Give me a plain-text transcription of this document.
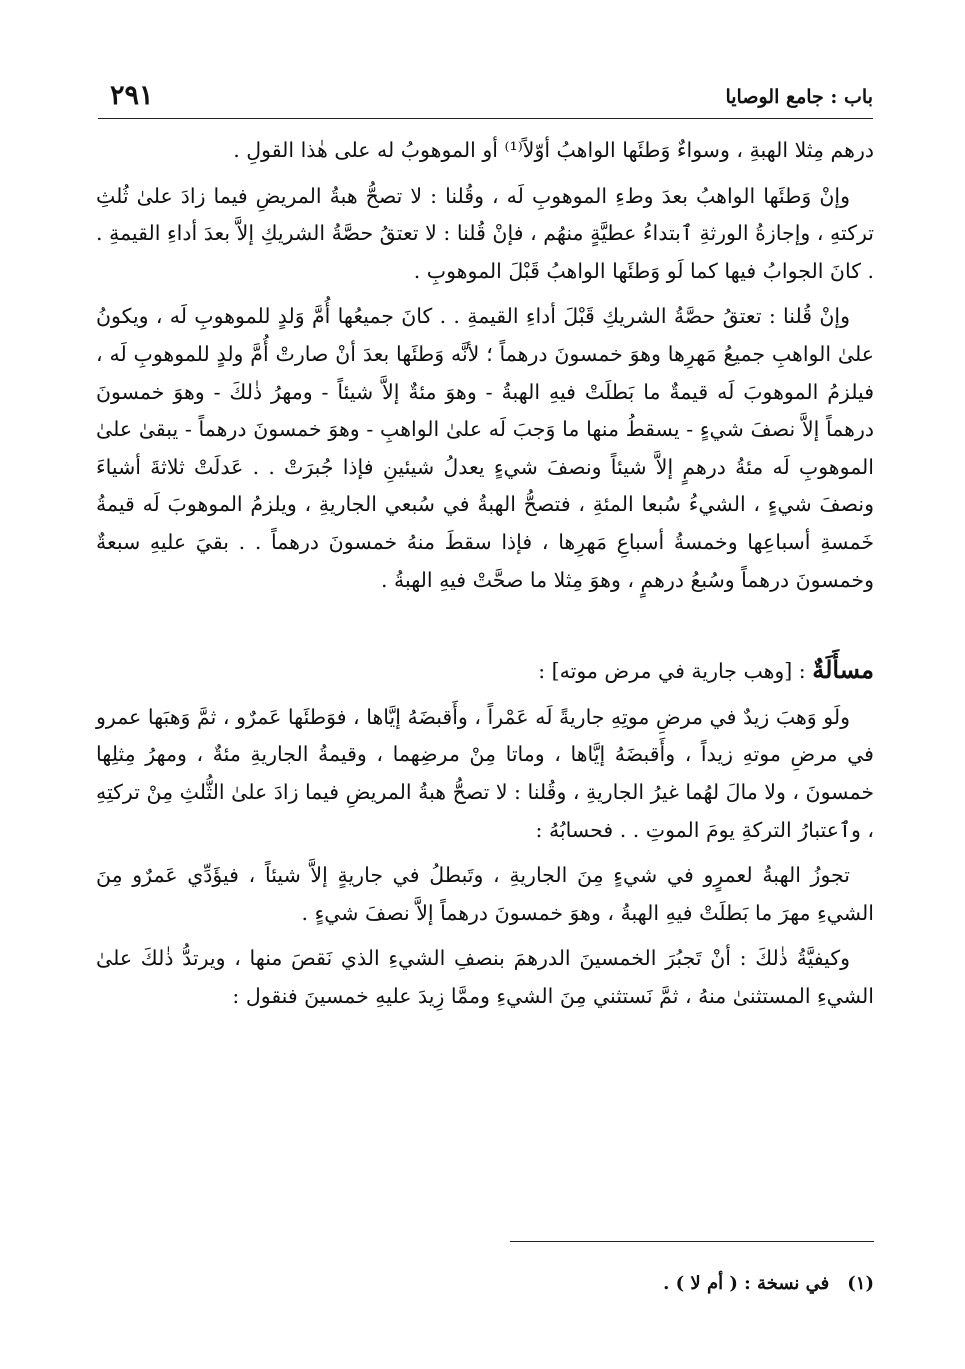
باب : جامع الوصايا
٢٩١

درهم مِثلا الهبةِ ، وسواءٌ وَطئَها الواهبُ أوّلاً⁽¹⁾ أو الموهوبُ له على هٰذا القولِ .

وإنْ وَطئَها الواهبُ بعدَ وطءِ الموهوبِ لَه ، وقُلنا : لا تصحُّ هبةُ المريضِ فيما زادَ علىٰ ثُلثِ تركتهِ ، وإجازةُ الورثةِ ٱبتداءُ عطيَّةٍ منهُم ، فإنْ قُلنا : لا تعتقُ حصَّةُ الشريكِ إلاَّ بعدَ أداءِ القيمةِ . . كانَ الجوابُ فيها كما لَو وَطئَها الواهبُ قَبْلَ الموهوبِ .

وإنْ قُلنا : تعتقُ حصَّةُ الشريكِ قَبْلَ أداءِ القيمةِ . . كانَ جميعُها أُمَّ وَلدٍ للموهوبِ لَه ، ويكونُ علىٰ الواهبِ جميعُ مَهرِها وهوَ خمسونَ درهماً ؛ لأنَّه وَطئَها بعدَ أنْ صارتْ أُمَّ ولدٍ للموهوبِ لَه ، فيلزمُ الموهوبَ لَه قيمةٌ ما بَطلَتْ فيهِ الهبةُ - وهوَ مئةٌ إلاَّ شيئاً - ومهرُ ذٰلكَ - وهوَ خمسونَ درهماً إلاَّ نصفَ شيءٍ - يسقطُ منها ما وَجبَ لَه علىٰ الواهبِ - وهوَ خمسونَ درهماً - يبقىٰ علىٰ الموهوبِ لَه مئةُ درهمٍ إلاَّ شيئاً ونصفَ شيءٍ يعدلُ شيئينِ فإذا جُبرَتْ . . عَدلَتْ ثلاثةَ أشياءَ ونصفَ شيءٍ ، الشيءُ سُبعا المئةِ ، فتصحُّ الهبةُ في سُبعي الجاريةِ ، ويلزمُ الموهوبَ لَه قيمةُ خَمسةِ أسباعِها وخمسةُ أسباعِ مَهرِها ، فإذا سقطَ منهُ خمسونَ درهماً . . بقيَ عليهِ سبعةٌ وخمسونَ درهماً وسُبعُ درهمٍ ، وهوَ مِثلا ما صحَّتْ فيهِ الهبةُ .

مسأَلَةٌ : [وهب جارية في مرض موته] :

ولَو وَهبَ زيدٌ في مرضِ موتِهِ جاريةً لَه عَمْراً ، وأَقبضَهُ إيَّاها ، فوَطئَها عَمرٌو ، ثمَّ وَهبَها عمرو في مرضِ موتهِ زيداً ، وأَقبضَهُ إيَّاها ، وماتا مِنْ مرضِهما ، وقيمةُ الجاريةِ مئةٌ ، ومهرُ مِثلِها خمسونَ ، ولا مالَ لهُما غيرُ الجاريةِ ، وقُلنا : لا تصحُّ هبةُ المريضِ فيما زادَ علىٰ الثُّلثِ مِنْ تركتِهِ ، وٱعتبارُ التركةِ يومَ الموتِ . . فحسابُهُ :

تجوزُ الهبةُ لعمرٍو في شيءٍ مِنَ الجاريةِ ، وتَبطلُ في جاريةٍ إلاَّ شيئاً ، فيؤَدِّي عَمرٌو مِنَ الشيءِ مهرَ ما بَطلَتْ فيهِ الهبةُ ، وهوَ خمسونَ درهماً إلاَّ نصفَ شيءٍ .

وكيفيَّةُ ذٰلكَ : أنْ تَجبُرَ الخمسينَ الدرهمَ بنصفِ الشيءِ الذي نَقصَ منها ، ويرتدُّ ذٰلكَ علىٰ الشيءِ المستثنىٰ منهُ ، ثمَّ نَستثني مِنَ الشيءِ وممَّا زِيدَ عليهِ خمسينَ فنقول :

(١)في نسخة : ( أم لا ) .
